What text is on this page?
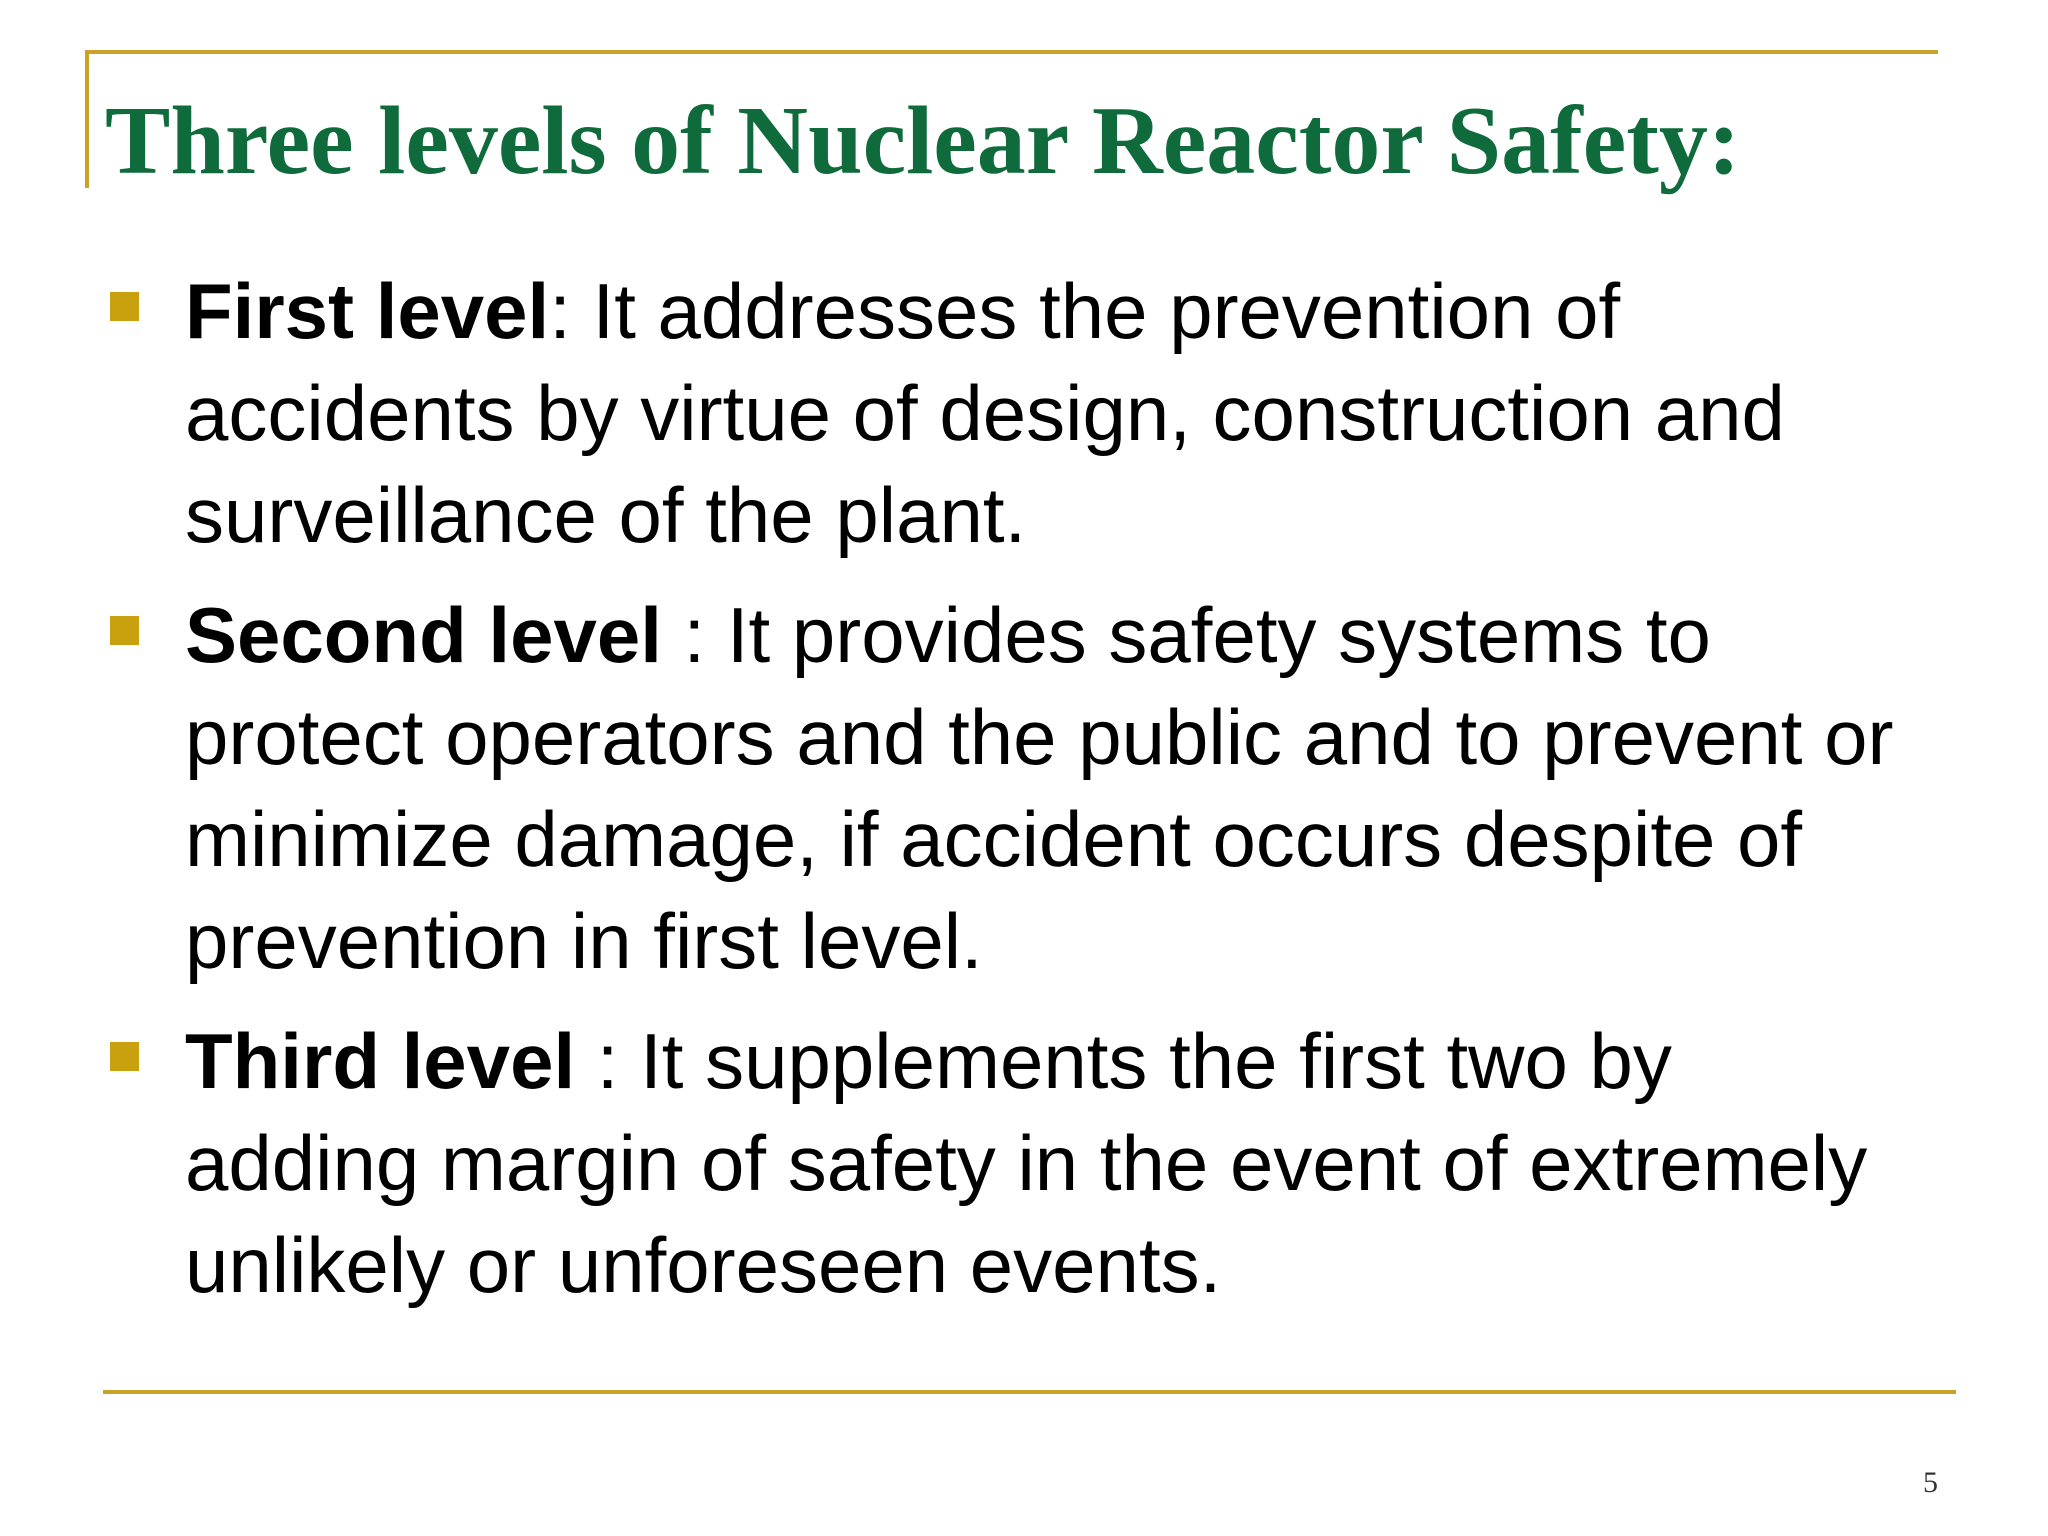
Three levels of Nuclear Reactor Safety:
First level: It addresses the prevention of accidents by virtue of design, construction and surveillance of the plant.
Second level : It provides safety systems to protect operators and the public and to prevent or minimize damage, if accident occurs despite of prevention in first level.
Third level : It supplements the first two by adding margin of safety in the event of extremely unlikely or unforeseen events.
5
